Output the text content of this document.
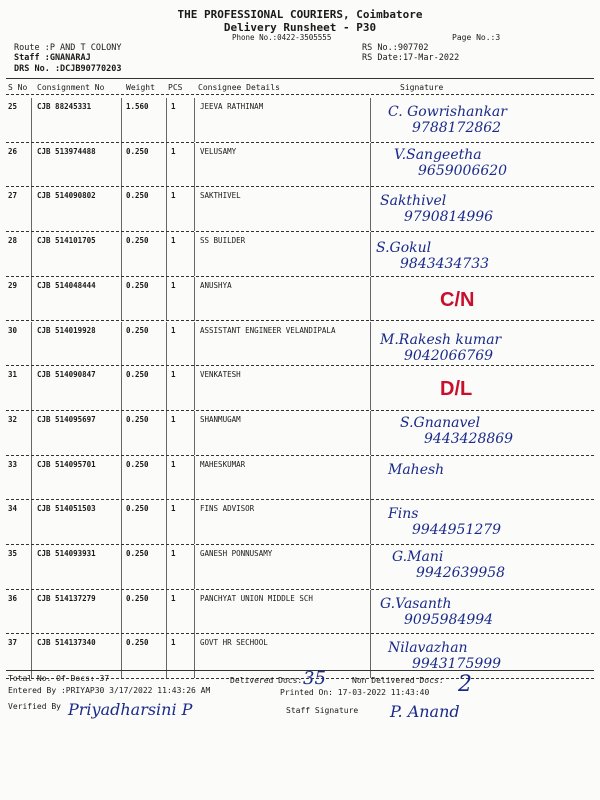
THE PROFESSIONAL COURIERS, Coimbatore
Delivery Runsheet - P30
Phone No.:0422-3505555	Page No.:3
Route :P AND T COLONY
Staff :GNANARAJ
DRS No. :DCJB90770203
RS No.:907702
RS Date:17-Mar-2022
S No Consignment No	Weight PCS Consignee Details	Signature
25	CJB 88245331	1.560	1	JEEVA RATHINAM	C. Gowrishankar
9788172862
26	CJB 513974488	0.250	1	VELUSAMY	V.Sangeetha
9659006620
27	CJB 514090802	0.250	1	SAKTHIVEL	Sakthivel
9790814996
28	CJB 514101705	0.250	1	SS BUILDER	S.Gokul
9843434733
29	CJB 514048444	0.250	1	ANUSHYA
C/N
30	CJB 514019928	0.250	1	ASSISTANT ENGINEER VELANDIPALA
M.Rakesh kumar
9042066769
31	CJB 514090847	0.250	1	VENKATESH
D/L
32	CJB 514095697	0.250	1	SHANMUGAM	S.Gnanavel
9443428869
33	CJB 514095701	0.250	1	MAHESKUMAR	Mahesh
34	CJB 514051503	0.250	1	FINS ADVISOR	Fins
9944951279
35	CJB 514093931	0.250	1	GANESH PONNUSAMY	G.Mani
9942639958
36	CJB 514137279	0.250	1	PANCHYAT UNION MIDDLE SCH	G.Vasanth
9095984994
37	CJB 514137340	0.250	1	GOVT HR SECHOOL	Nilavazhan
9943175999
Total No. Of Docs: 37	Delivered Docs: 35	Non Delivered Docs: 2
Entered By :PRIYAP30 3/17/2022 11:43:26 AM	Printed On: 17-03-2022 11:43:40
Verified By Priyadharsini P	Staff Signature P. Anand
